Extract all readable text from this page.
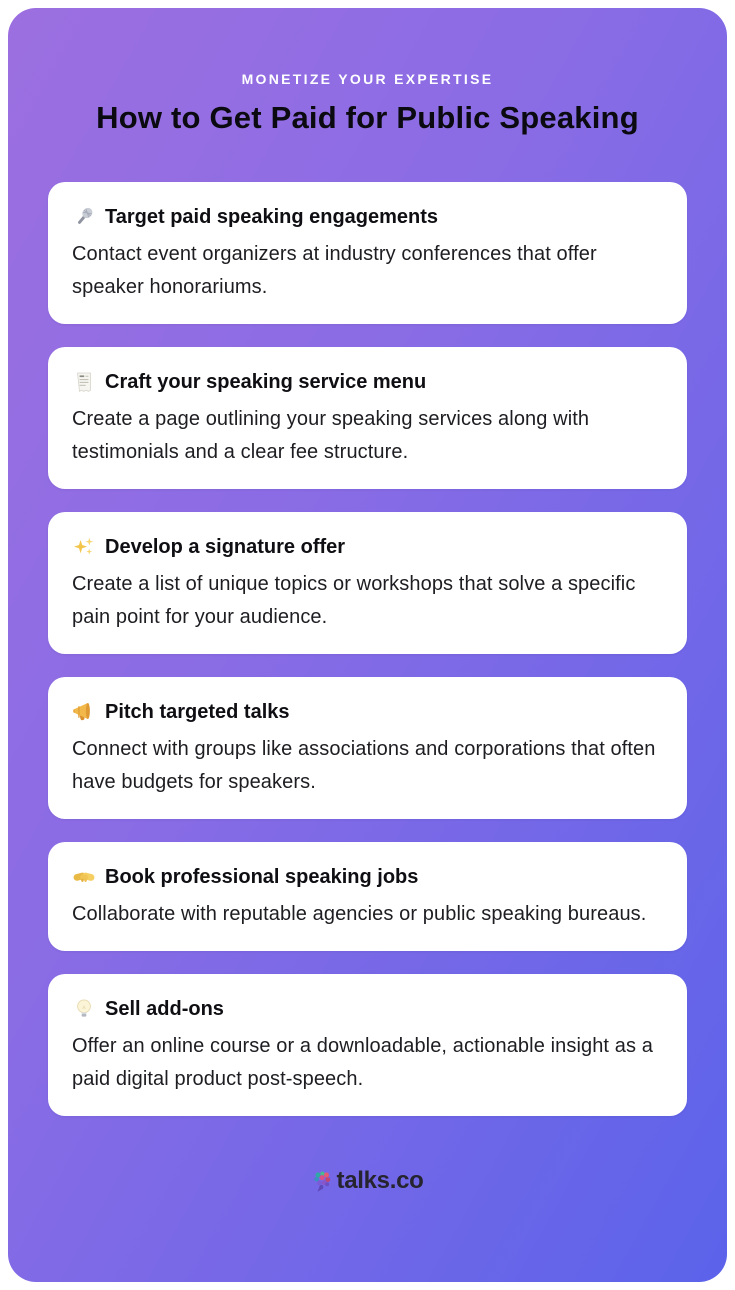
MONETIZE YOUR EXPERTISE
How to Get Paid for Public Speaking
Target paid speaking engagements

Contact event organizers at industry conferences that offer speaker honorariums.

Craft your speaking service menu

Create a page outlining your speaking services along with testimonials and a clear fee structure.

Develop a signature offer

Create a list of unique topics or workshops that solve a specific pain point for your audience.

Pitch targeted talks

Connect with groups like associations and corporations that often have budgets for speakers.

Book professional speaking jobs

Collaborate with reputable agencies or public speaking bureaus.

Sell add-ons

Offer an online course or a downloadable, actionable insight as a paid digital product post-speech.

talks.co
